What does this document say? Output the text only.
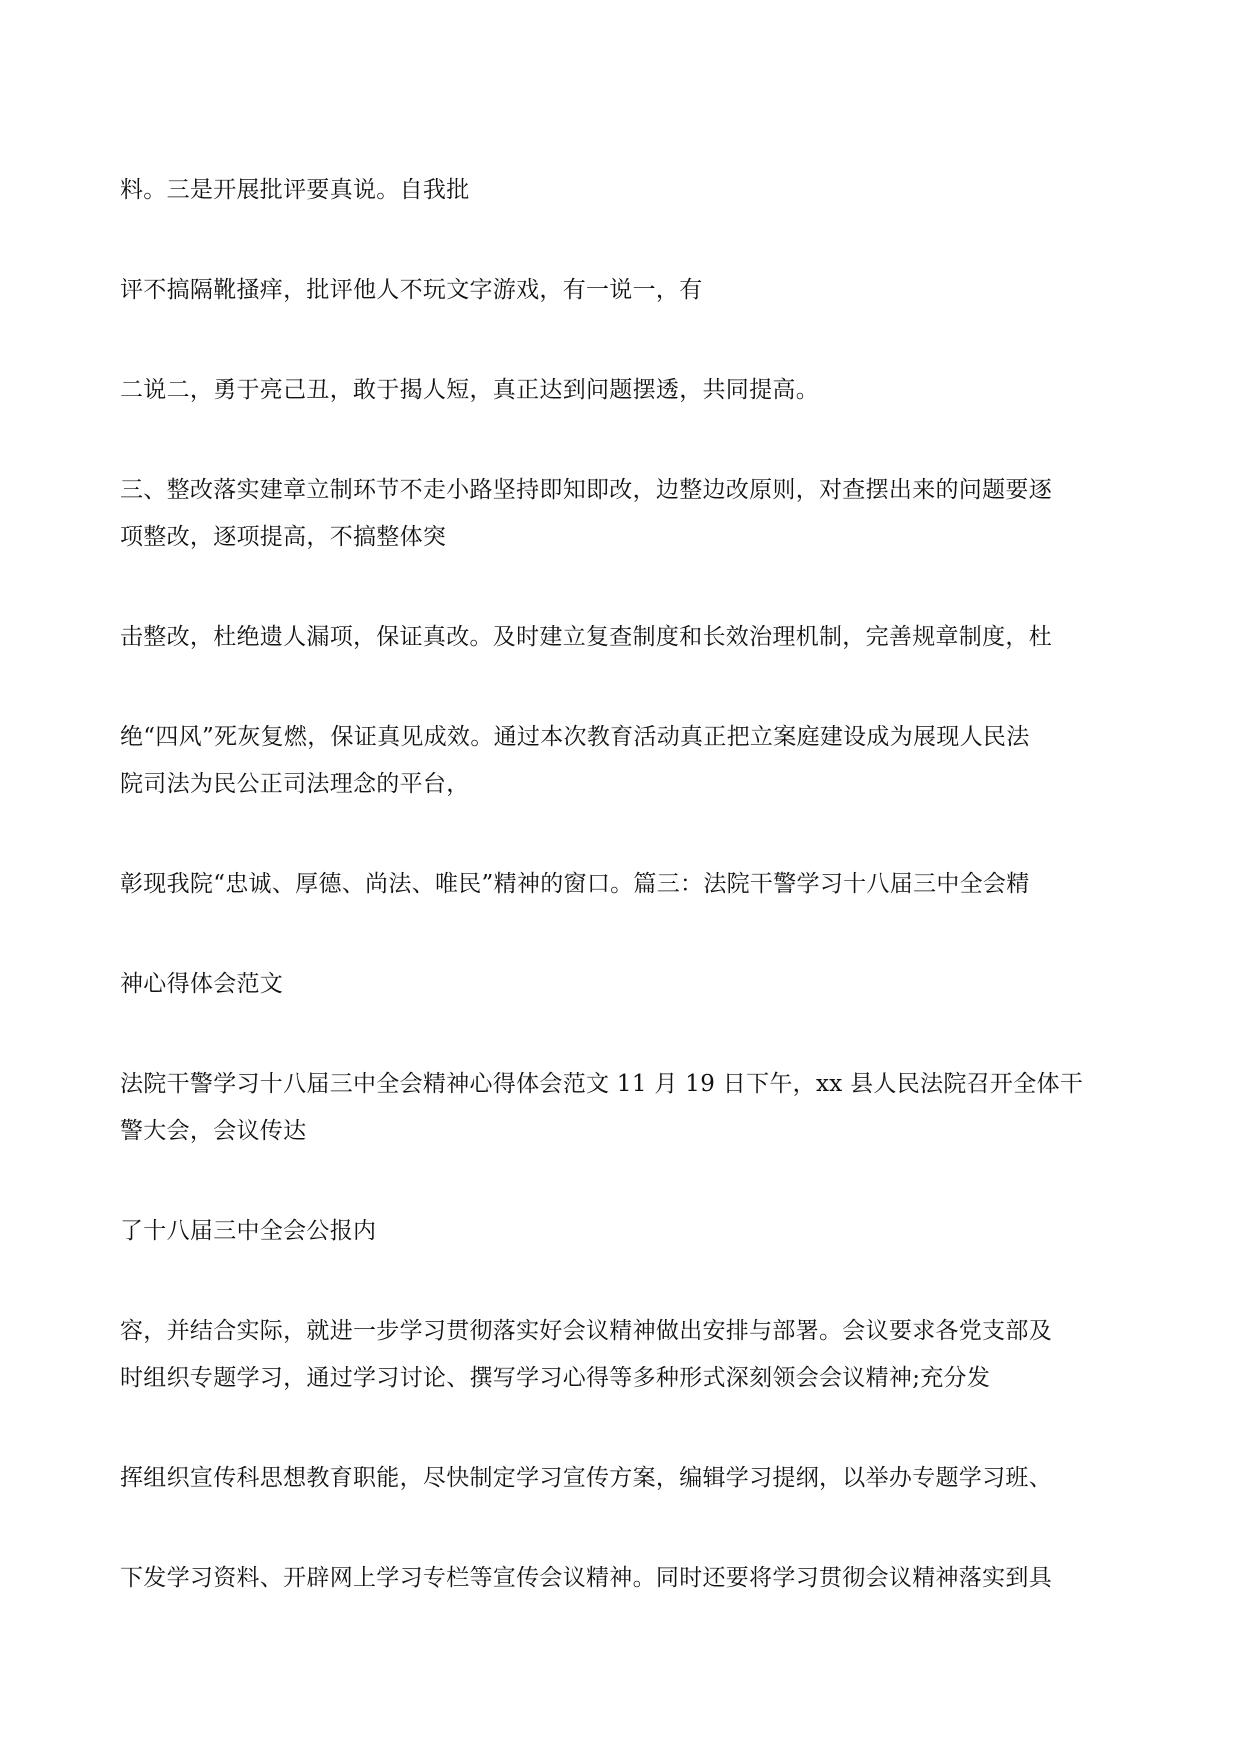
料。三是开展批评要真说。自我批
评不搞隔靴搔痒，批评他人不玩文字游戏，有一说一，有
二说二，勇于亮己丑，敢于揭人短，真正达到问题摆透，共同提高。
三、整改落实建章立制环节不走小路坚持即知即改，边整边改原则，对查摆出来的问题要逐
项整改，逐项提高，不搞整体突
击整改，杜绝遗人漏项，保证真改。及时建立复查制度和长效治理机制，完善规章制度，杜
绝“四风”死灰复燃，保证真见成效。通过本次教育活动真正把立案庭建设成为展现人民法
院司法为民公正司法理念的平台，
彰现我院“忠诚、厚德、尚法、唯民”精神的窗口。篇三：法院干警学习十八届三中全会精
神心得体会范文
法院干警学习十八届三中全会精神心得体会范文 11 月 19 日下午，xx 县人民法院召开全体干
警大会，会议传达
了十八届三中全会公报内
容，并结合实际，就进一步学习贯彻落实好会议精神做出安排与部署。会议要求各党支部及
时组织专题学习，通过学习讨论、撰写学习心得等多种形式深刻领会会议精神;充分发
挥组织宣传科思想教育职能，尽快制定学习宣传方案，编辑学习提纲，以举办专题学习班、
下发学习资料、开辟网上学习专栏等宣传会议精神。同时还要将学习贯彻会议精神落实到具
